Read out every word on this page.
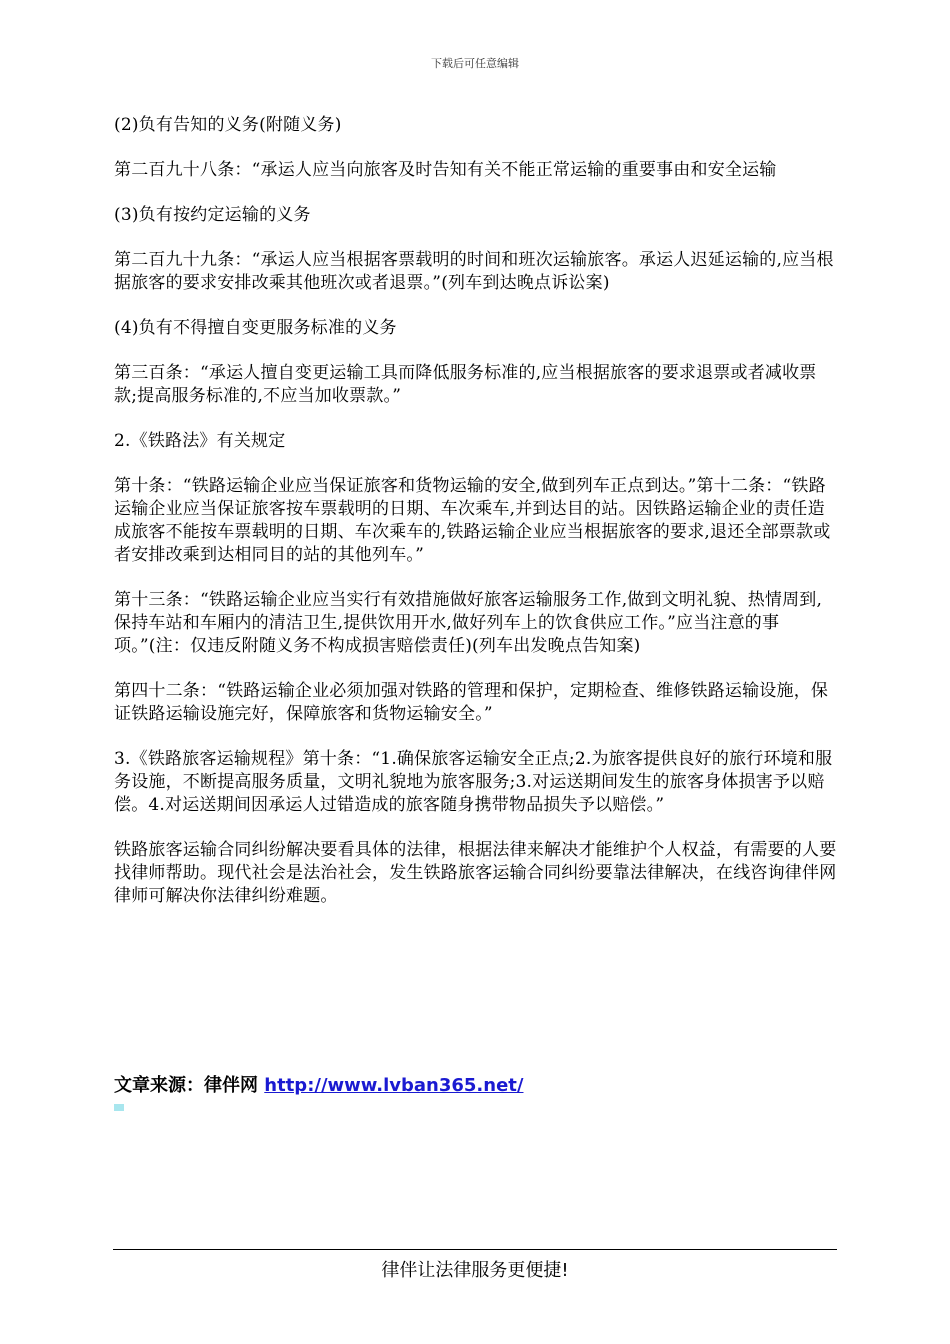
下载后可任意编辑

(2)负有告知的义务(附随义务)

第二百九十八条：“承运人应当向旅客及时告知有关不能正常运输的重要事由和安全运输

(3)负有按约定运输的义务

第二百九十九条：“承运人应当根据客票载明的时间和班次运输旅客。承运人迟延运输的,应当根据旅客的要求安排改乘其他班次或者退票。”(列车到达晚点诉讼案)

(4)负有不得擅自变更服务标准的义务

第三百条：“承运人擅自变更运输工具而降低服务标准的,应当根据旅客的要求退票或者减收票款;提高服务标准的,不应当加收票款。”

2.《铁路法》有关规定

第十条：“铁路运输企业应当保证旅客和货物运输的安全,做到列车正点到达。”第十二条：“铁路运输企业应当保证旅客按车票载明的日期、车次乘车,并到达目的站。因铁路运输企业的责任造成旅客不能按车票载明的日期、车次乘车的,铁路运输企业应当根据旅客的要求,退还全部票款或者安排改乘到达相同目的站的其他列车。”

第十三条：“铁路运输企业应当实行有效措施做好旅客运输服务工作,做到文明礼貌、热情周到,保持车站和车厢内的清洁卫生,提供饮用开水,做好列车上的饮食供应工作。”应当注意的事项。”(注：仅违反附随义务不构成损害赔偿责任)(列车出发晚点告知案)

第四十二条：“铁路运输企业必须加强对铁路的管理和保护，定期检查、维修铁路运输设施，保证铁路运输设施完好，保障旅客和货物运输安全。”

3.《铁路旅客运输规程》第十条：“1.确保旅客运输安全正点;2.为旅客提供良好的旅行环境和服务设施，不断提高服务质量，文明礼貌地为旅客服务;3.对运送期间发生的旅客身体损害予以赔偿。4.对运送期间因承运人过错造成的旅客随身携带物品损失予以赔偿。”

铁路旅客运输合同纠纷解决要看具体的法律，根据法律来解决才能维护个人权益，有需要的人要找律师帮助。现代社会是法治社会，发生铁路旅客运输合同纠纷要靠法律解决，在线咨询律伴网律师可解决你法律纠纷难题。

文章来源：律伴网 http://www.lvban365.net/
律伴让法律服务更便捷!
